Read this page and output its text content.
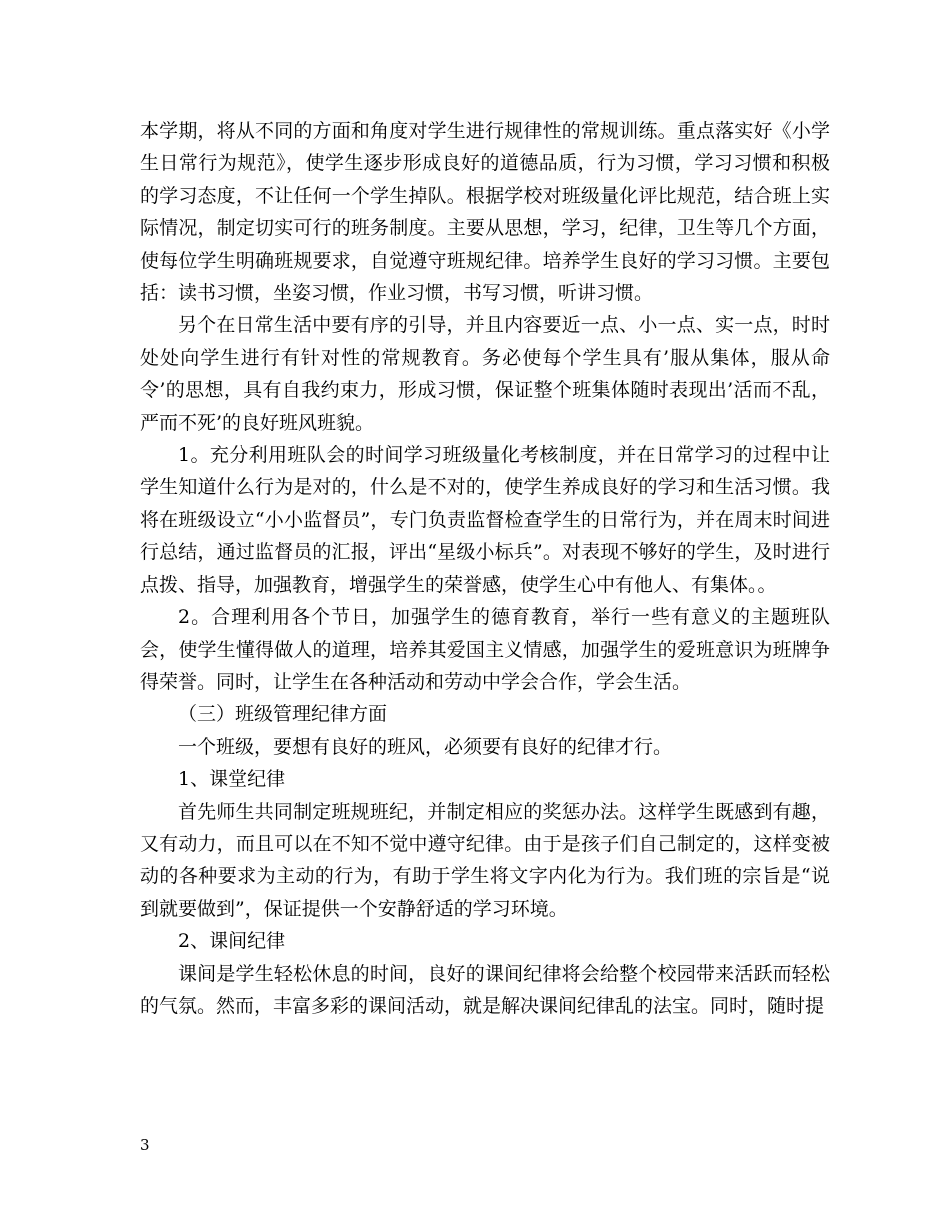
本学期，将从不同的方面和角度对学生进行规律性的常规训练。重点落实好《小学生日常行为规范》，使学生逐步形成良好的道德品质，行为习惯，学习习惯和积极的学习态度，不让任何一个学生掉队。根据学校对班级量化评比规范，结合班上实际情况，制定切实可行的班务制度。主要从思想，学习，纪律，卫生等几个方面，使每位学生明确班规要求，自觉遵守班规纪律。培养学生良好的学习习惯。主要包括：读书习惯，坐姿习惯，作业习惯，书写习惯，听讲习惯。

另个在日常生活中要有序的引导，并且内容要近一点、小一点、实一点，时时处处向学生进行有针对性的常规教育。务必使每个学生具有’服从集体，服从命令’的思想，具有自我约束力，形成习惯，保证整个班集体随时表现出’活而不乱，严而不死’的良好班风班貌。

1。充分利用班队会的时间学习班级量化考核制度，并在日常学习的过程中让学生知道什么行为是对的，什么是不对的，使学生养成良好的学习和生活习惯。我将在班级设立“小小监督员”，专门负责监督检查学生的日常行为，并在周末时间进行总结，通过监督员的汇报，评出“星级小标兵”。对表现不够好的学生，及时进行点拨、指导，加强教育，增强学生的荣誉感，使学生心中有他人、有集体。。

2。合理利用各个节日，加强学生的德育教育，举行一些有意义的主题班队会，使学生懂得做人的道理，培养其爱国主义情感，加强学生的爱班意识为班牌争得荣誉。同时，让学生在各种活动和劳动中学会合作，学会生活。

（三）班级管理纪律方面

一个班级，要想有良好的班风，必须要有良好的纪律才行。

1、课堂纪律

首先师生共同制定班规班纪，并制定相应的奖惩办法。这样学生既感到有趣，又有动力，而且可以在不知不觉中遵守纪律。由于是孩子们自己制定的，这样变被动的各种要求为主动的行为，有助于学生将文字内化为行为。我们班的宗旨是“说到就要做到”，保证提供一个安静舒适的学习环境。

2、课间纪律

课间是学生轻松休息的时间，良好的课间纪律将会给整个校园带来活跃而轻松的气氛。然而，丰富多彩的课间活动，就是解决课间纪律乱的法宝。同时，随时提

3
